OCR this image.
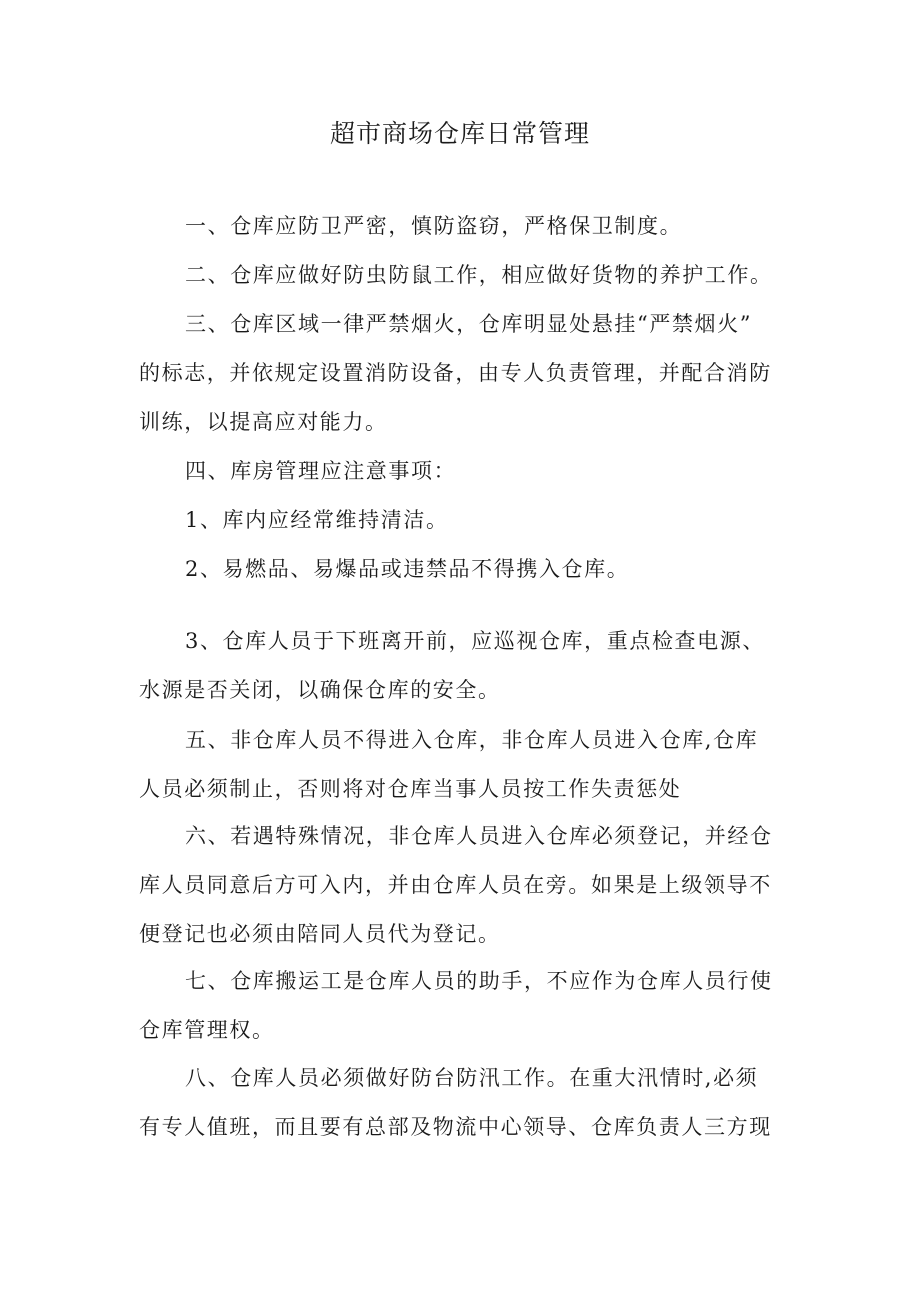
超市商场仓库日常管理

一、仓库应防卫严密，慎防盗窃，严格保卫制度。

二、仓库应做好防虫防鼠工作，相应做好货物的养护工作。

三、仓库区域一律严禁烟火，仓库明显处悬挂“严禁烟火”
的标志，并依规定设置消防设备，由专人负责管理，并配合消防
训练，以提高应对能力。

四、库房管理应注意事项：

1、库内应经常维持清洁。

2、易燃品、易爆品或违禁品不得携入仓库。

3、仓库人员于下班离开前，应巡视仓库，重点检查电源、
水源是否关闭，以确保仓库的安全。

五、非仓库人员不得进入仓库，非仓库人员进入仓库,仓库
人员必须制止，否则将对仓库当事人员按工作失责惩处

六、若遇特殊情况，非仓库人员进入仓库必须登记，并经仓
库人员同意后方可入内，并由仓库人员在旁。如果是上级领导不
便登记也必须由陪同人员代为登记。

七、仓库搬运工是仓库人员的助手，不应作为仓库人员行使
仓库管理权。

八、仓库人员必须做好防台防汛工作。在重大汛情时,必须
有专人值班，而且要有总部及物流中心领导、仓库负责人三方现
